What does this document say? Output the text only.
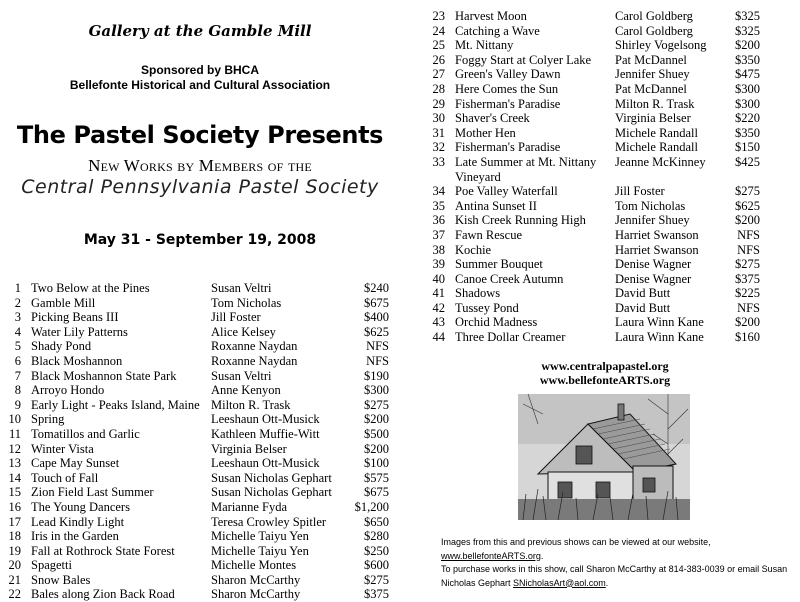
Gallery at the Gamble Mill
Sponsored by BHCA
Bellefonte Historical and Cultural Association
The Pastel Society Presents
New Works by Members of the
Central Pennsylvania Pastel Society
May 31 - September 19, 2008
1	Two Below at the Pines	Susan Veltri	$240
2	Gamble Mill	Tom Nicholas	$675
3	Picking Beans III	Jill Foster	$400
4	Water Lily Patterns	Alice Kelsey	$625
5	Shady Pond	Roxanne Naydan	NFS
6	Black Moshannon	Roxanne Naydan	NFS
7	Black Moshannon State Park	Susan Veltri	$190
8	Arroyo Hondo	Anne Kenyon	$300
9	Early Light - Peaks Island, Maine	Milton R. Trask	$275
10	Spring	Leeshaun Ott-Musick	$200
11	Tomatillos and Garlic	Kathleen Muffie-Witt	$500
12	Winter Vista	Virginia Belser	$200
13	Cape May Sunset	Leeshaun Ott-Musick	$100
14	Touch of Fall	Susan Nicholas Gephart	$575
15	Zion Field Last Summer	Susan Nicholas Gephart	$675
16	The Young Dancers	Marianne Fyda	$1,200
17	Lead Kindly Light	Teresa Crowley Spitler	$650
18	Iris in the Garden	Michelle Taiyu Yen	$280
19	Fall at Rothrock State Forest	Michelle Taiyu Yen	$250
20	Spagetti	Michelle Montes	$600
21	Snow Bales	Sharon McCarthy	$275
22	Bales along Zion Back Road	Sharon McCarthy	$375
23	Harvest Moon	Carol Goldberg	$325
24	Catching a Wave	Carol Goldberg	$325
25	Mt. Nittany	Shirley Vogelsong	$200
26	Foggy Start at Colyer Lake	Pat McDannel	$350
27	Green's Valley Dawn	Jennifer Shuey	$475
28	Here Comes the Sun	Pat McDannel	$300
29	Fisherman's Paradise	Milton R. Trask	$300
30	Shaver's Creek	Virginia Belser	$220
31	Mother Hen	Michele Randall	$350
32	Fisherman's Paradise	Michele Randall	$150
33	Late Summer at Mt. Nittany Vineyard	Jeanne McKinney	$425
34	Poe Valley Waterfall	Jill Foster	$275
35	Antina Sunset II	Tom Nicholas	$625
36	Kish Creek Running High	Jennifer Shuey	$200
37	Fawn Rescue	Harriet Swanson	NFS
38	Kochie	Harriet Swanson	NFS
39	Summer Bouquet	Denise Wagner	$275
40	Canoe Creek Autumn	Denise Wagner	$375
41	Shadows	David Butt	$225
42	Tussey Pond	David Butt	NFS
43	Orchid Madness	Laura Winn Kane	$200
44	Three Dollar Creamer	Laura Winn Kane	$160
www.centralpapastel.org
www.bellefonteARTS.org
Images from this and previous shows can be viewed at our website, www.bellefonteARTS.org.
To purchase works in this show, call Sharon McCarthy at 814-383-0039 or email Susan Nicholas Gephart SNicholasArt@aol.com.
